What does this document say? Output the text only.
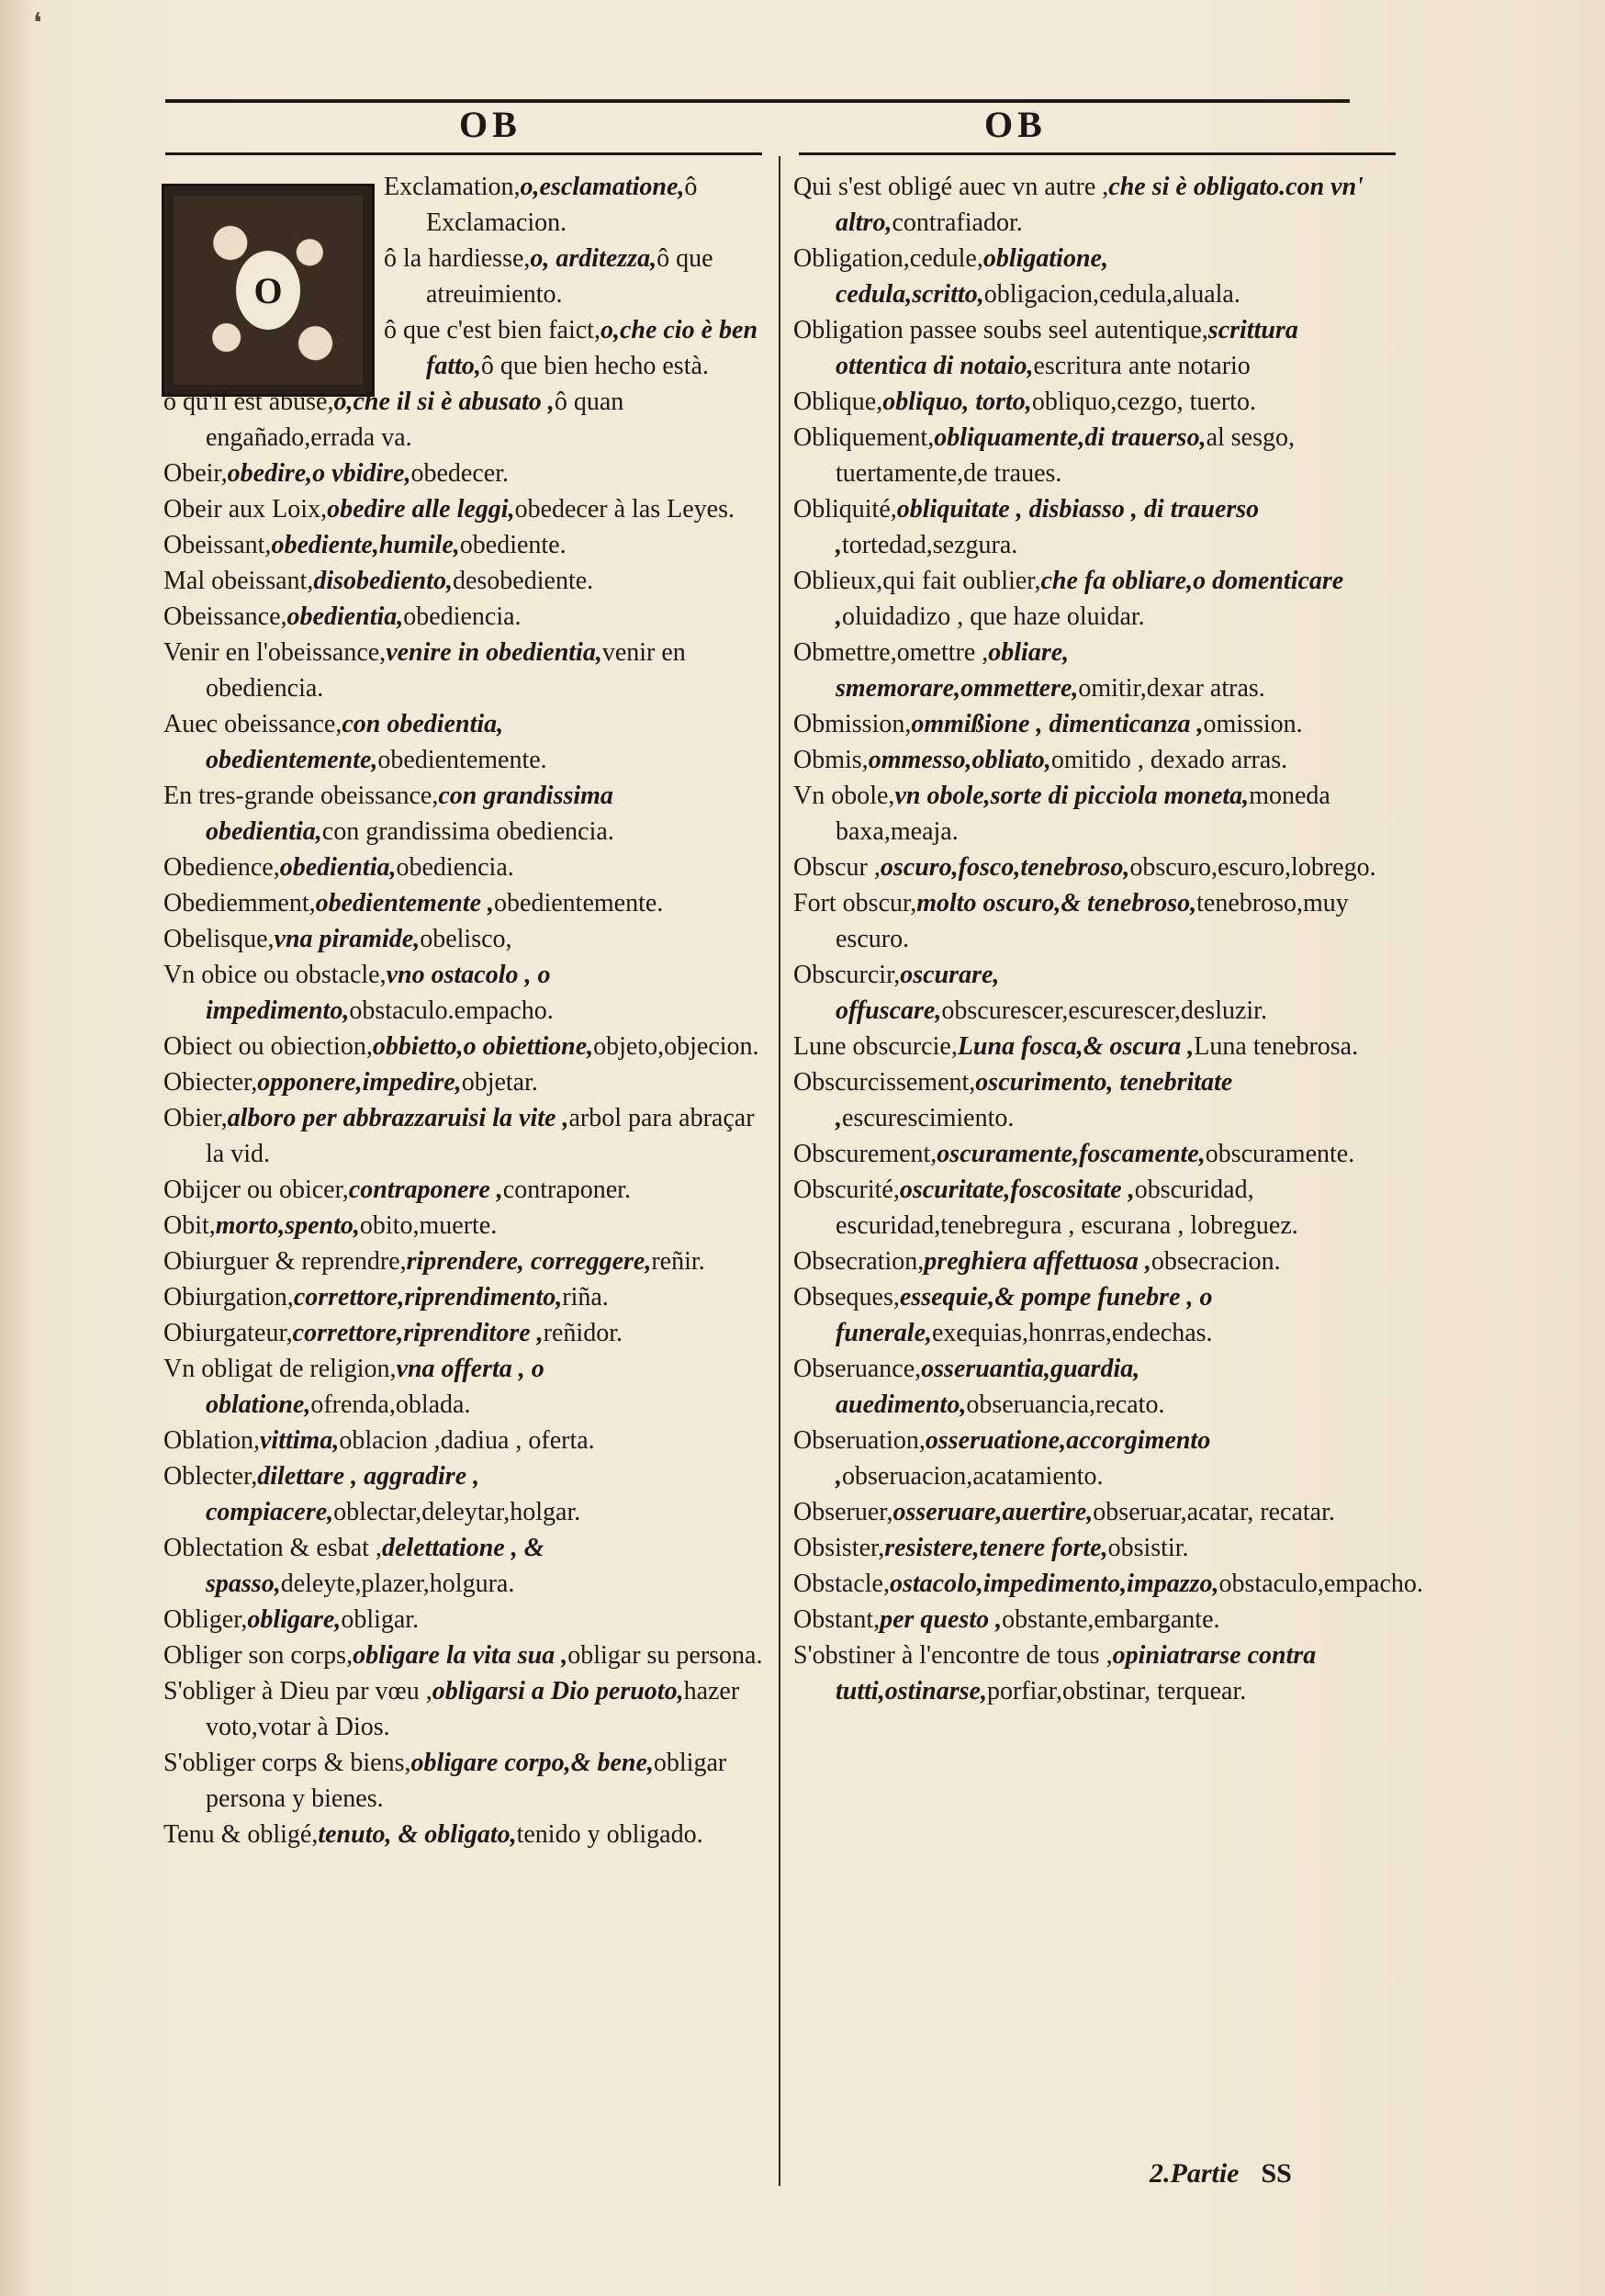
❛
OB	OB
O
Exclamation,o,esclamatione,ô Exclamacion.
ô la hardiesse,o, arditezza,ô que atreuimiento.
ô que c'est bien faict,o,che cio è ben fatto,ô que bien hecho està.
ô qu'il est abusé,o,che il si è abusato ,ô quan engañado,errada va.
Obeir,obedire,o vbidire,obedecer.
Obeir aux Loix,obedire alle leggi,obedecer à las Leyes.
Obeissant,obediente,humile,obediente.
Mal obeissant,disobediento,desobediente.
Obeissance,obedientia,obediencia.
Venir en l'obeissance,venire in obedientia,venir en obediencia.
Auec obeissance,con obedientia, obedientemente,obedientemente.
En tres-grande obeissance,con grandissima obedientia,con grandissima obediencia.
Obedience,obedientia,obediencia.
Obediemment,obedientemente ,obedientemente.
Obelisque,vna piramide,obelisco,
Vn obice ou obstacle,vno ostacolo , o impedimento,obstaculo.empacho.
Obiect ou obiection,obbietto,o obiettione,objeto,objecion.
Obiecter,opponere,impedire,objetar.
Obier,alboro per abbrazzaruisi la vite ,arbol para abraçar la vid.
Obijcer ou obicer,contraponere ,contraponer.
Obit,morto,spento,obito,muerte.
Obiurguer & reprendre,riprendere, correggere,reñir.
Obiurgation,correttore,riprendimento,riña.
Obiurgateur,correttore,riprenditore ,reñidor.
Vn obligat de religion,vna offerta , o oblatione,ofrenda,oblada.
Oblation,vittima,oblacion ,dadiua , oferta.
Oblecter,dilettare , aggradire , compiacere,oblectar,deleytar,holgar.
Oblectation & esbat ,delettatione , & spasso,deleyte,plazer,holgura.
Obliger,obligare,obligar.
Obliger son corps,obligare la vita sua ,obligar su persona.
S'obliger à Dieu par vœu ,obligarsi a Dio peruoto,hazer voto,votar à Dios.
S'obliger corps & biens,obligare corpo,& bene,obligar persona y bienes.
Tenu & obligé,tenuto, & obligato,tenido y obligado.
Qui s'est obligé auec vn autre ,che si è obligato.con vn' altro,contrafiador.
Obligation,cedule,obligatione, cedula,scritto,obligacion,cedula,aluala.
Obligation passee soubs seel autentique,scrittura ottentica di notaio,escritura ante notario
Oblique,obliquo, torto,obliquo,cezgo, tuerto.
Obliquement,obliquamente,di trauerso,al sesgo, tuertamente,de traues.
Obliquité,obliquitate , disbiasso , di trauerso ,tortedad,sezgura.
Oblieux,qui fait oublier,che fa obliare,o domenticare ,oluidadizo , que haze oluidar.
Obmettre,omettre ,obliare, smemorare,ommettere,omitir,dexar atras.
Obmission,ommißione , dimenticanza ,omission.
Obmis,ommesso,obliato,omitido , dexado arras.
Vn obole,vn obole,sorte di picciola moneta,moneda baxa,meaja.
Obscur ,oscuro,fosco,tenebroso,obscuro,escuro,lobrego.
Fort obscur,molto oscuro,& tenebroso,tenebroso,muy escuro.
Obscurcir,oscurare, offuscare,obscurescer,escurescer,desluzir.
Lune obscurcie,Luna fosca,& oscura ,Luna tenebrosa.
Obscurcissement,oscurimento, tenebritate ,escurescimiento.
Obscurement,oscuramente,foscamente,obscuramente.
Obscurité,oscuritate,foscositate ,obscuridad, escuridad,tenebregura , escurana , lobreguez.
Obsecration,preghiera affettuosa ,obsecracion.
Obseques,essequie,& pompe funebre , o funerale,exequias,honrras,endechas.
Obseruance,osseruantia,guardia, auedimento,obseruancia,recato.
Obseruation,osseruatione,accorgimento ,obseruacion,acatamiento.
Obseruer,osseruare,auertire,obseruar,acatar, recatar.
Obsister,resistere,tenere forte,obsistir.
Obstacle,ostacolo,impedimento,impazzo,obstaculo,empacho.
Obstant,per questo ,obstante,embargante.
S'obstiner à l'encontre de tous ,opiniatrarse contra tutti,ostinarse,porfiar,obstinar, terquear.
2.Partie SS
